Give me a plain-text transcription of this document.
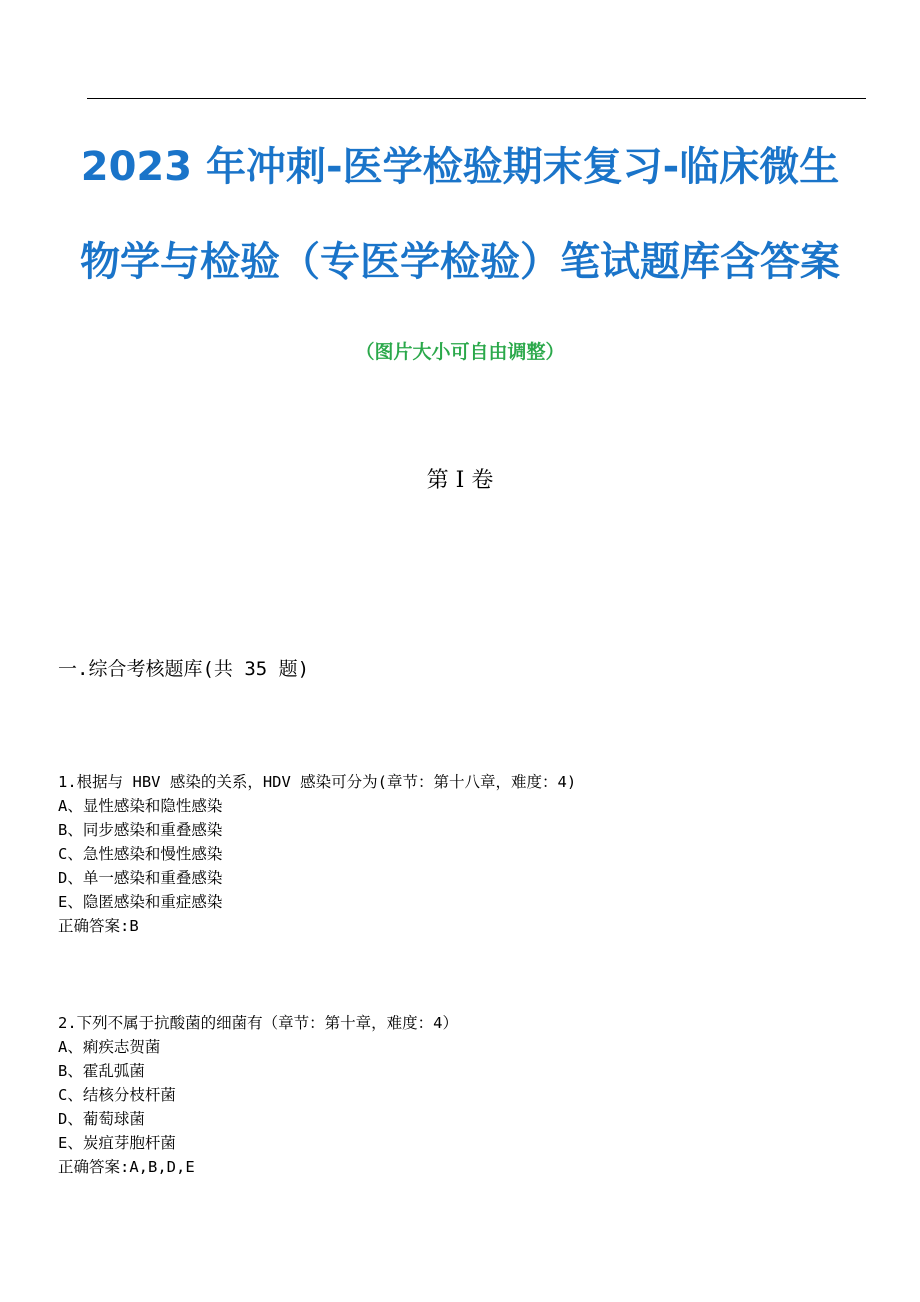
2023 年冲刺-医学检验期末复习-临床微生
物学与检验（专医学检验）笔试题库含答案
（图片大小可自由调整）
第 I 卷
一.综合考核题库(共 35 题)
1.根据与 HBV 感染的关系，HDV 感染可分为(章节：第十八章，难度：4)
A、显性感染和隐性感染
B、同步感染和重叠感染
C、急性感染和慢性感染
D、单一感染和重叠感染
E、隐匿感染和重症感染
正确答案:B
2.下列不属于抗酸菌的细菌有（章节：第十章，难度：4）
A、痢疾志贺菌
B、霍乱弧菌
C、结核分枝杆菌
D、葡萄球菌
E、炭疽芽胞杆菌
正确答案:A,B,D,E
